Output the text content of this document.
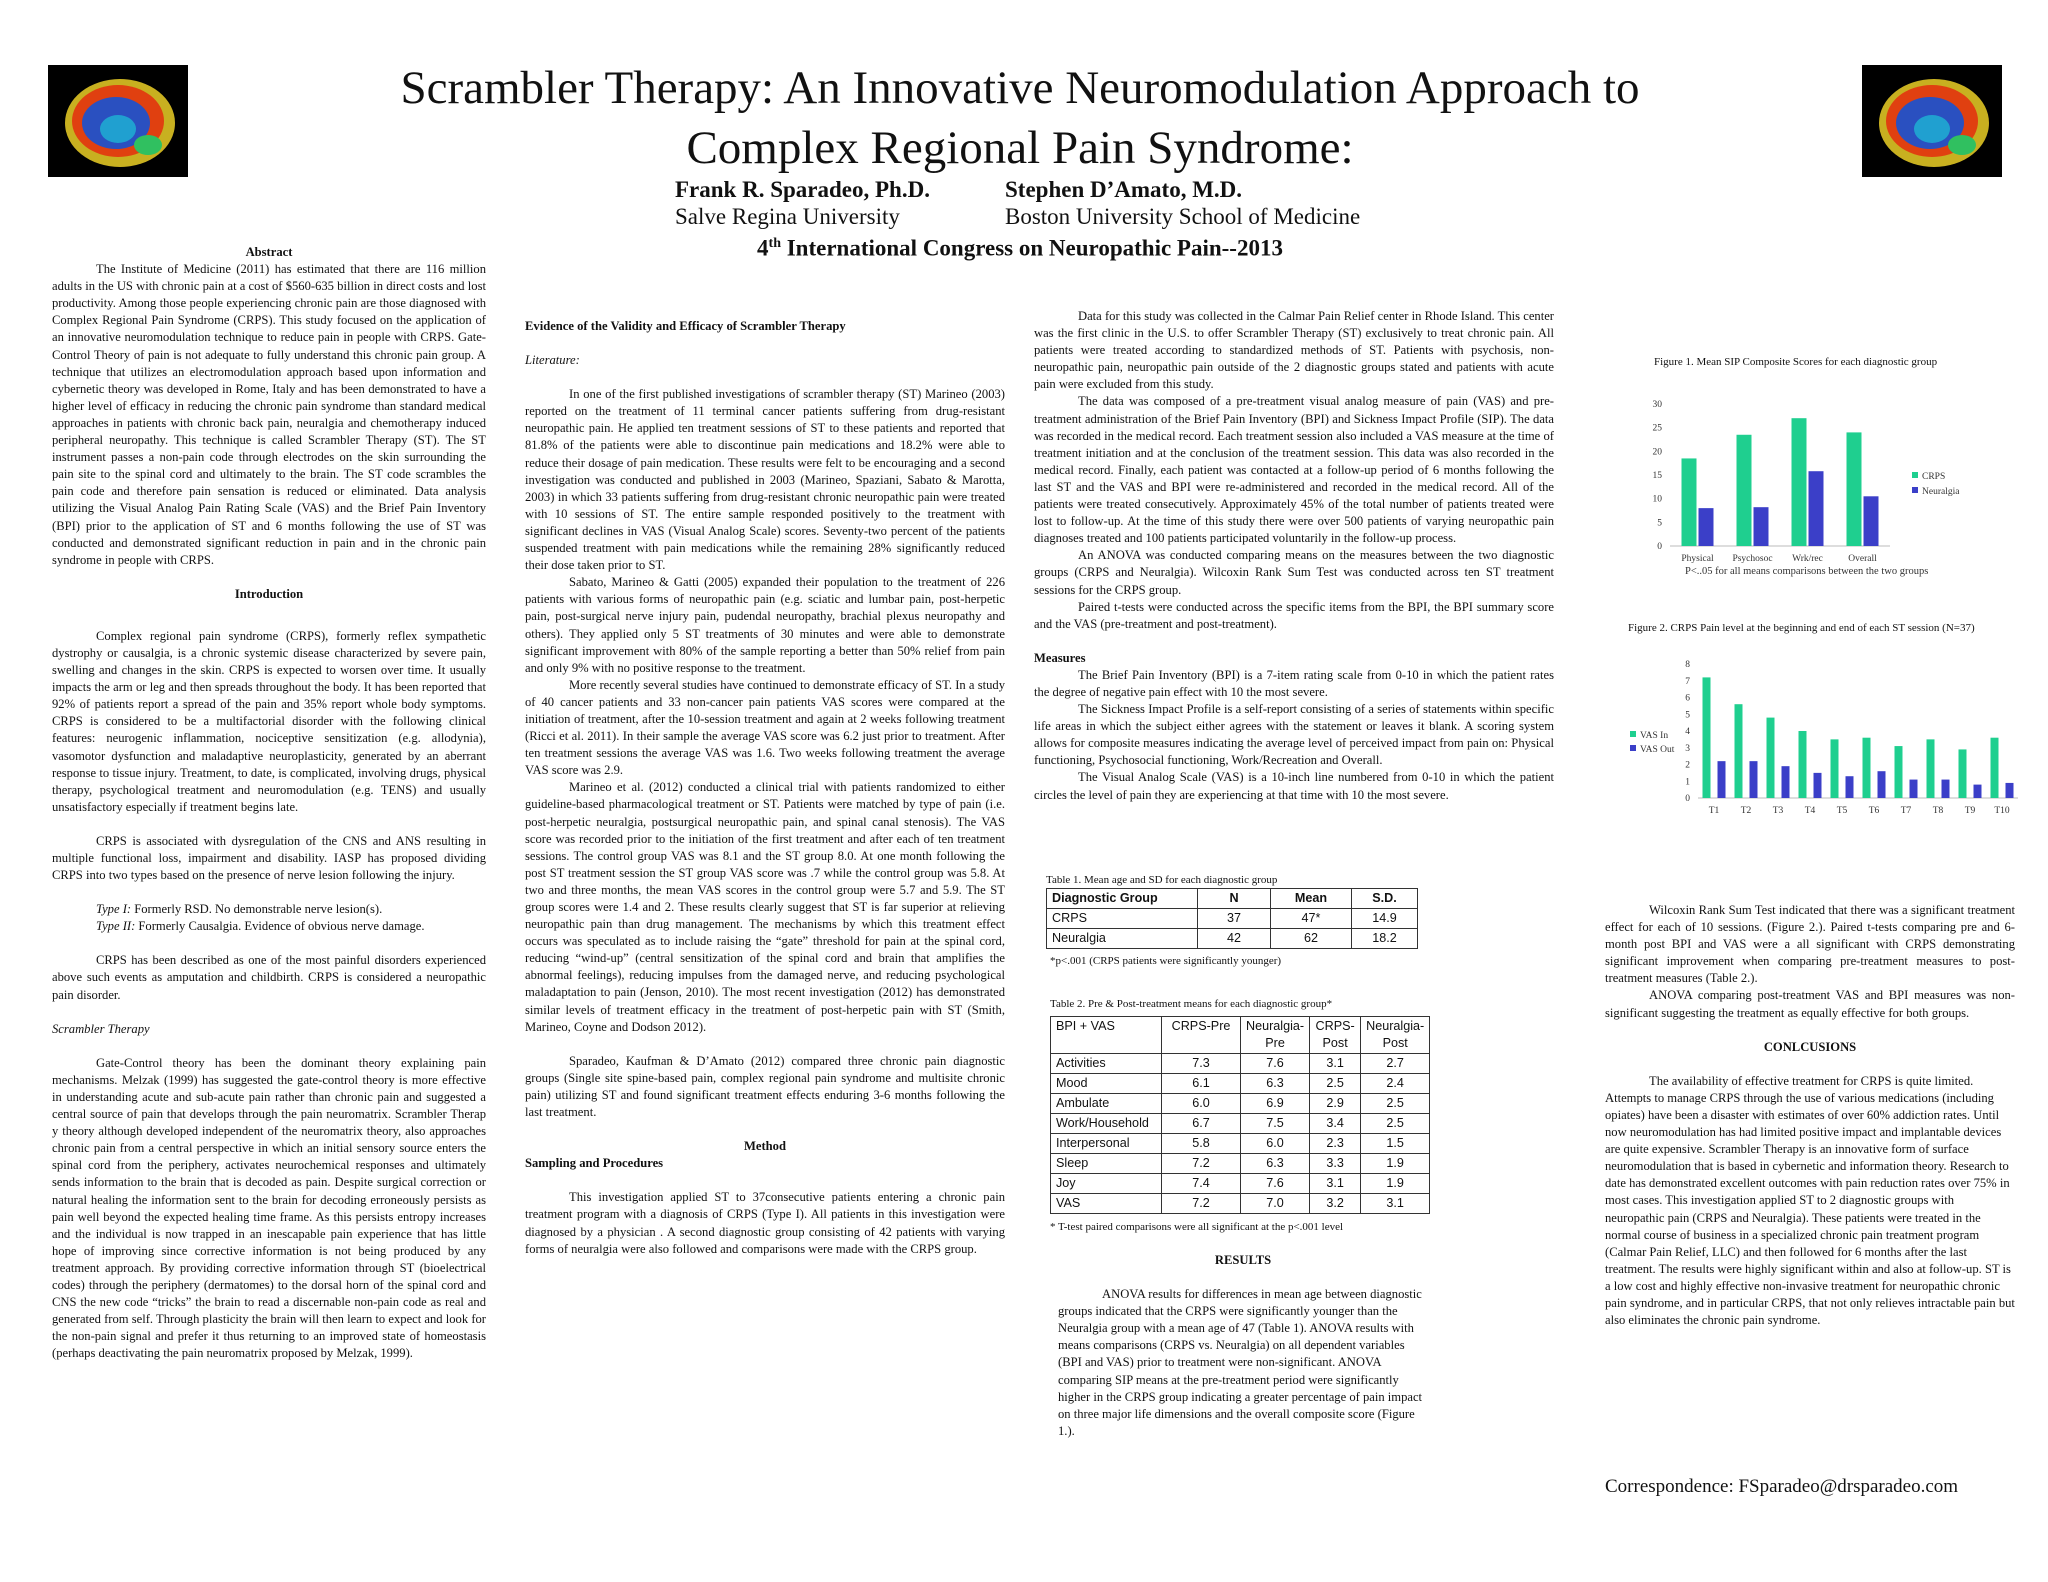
Scrambler Therapy: An Innovative Neuromodulation Approach to
Complex Regional Pain Syndrome:
Frank R. Sparadeo, Ph.D.	Stephen D’Amato, M.D.
Salve Regina University	Boston University School of Medicine
4th International Congress on Neuropathic Pain--2013
Abstract

The Institute of Medicine (2011) has estimated that there are 116 million adults in the US with chronic pain at a cost of $560-635 billion in direct costs and lost productivity. Among those people experiencing chronic pain are those diagnosed with Complex Regional Pain Syndrome (CRPS). This study focused on the application of an innovative neuromodulation technique to reduce pain in people with CRPS. Gate-Control Theory of pain is not adequate to fully understand this chronic pain group. A technique that utilizes an electromodulation approach based upon information and cybernetic theory was developed in Rome, Italy and has been demonstrated to have a higher level of efficacy in reducing the chronic pain syndrome than standard medical approaches in patients with chronic back pain, neuralgia and chemotherapy induced peripheral neuropathy. This technique is called Scrambler Therapy (ST). The ST instrument passes a non-pain code through electrodes on the skin surrounding the pain site to the spinal cord and ultimately to the brain. The ST code scrambles the pain code and therefore pain sensation is reduced or eliminated. Data analysis utilizing the Visual Analog Pain Rating Scale (VAS) and the Brief Pain Inventory (BPI) prior to the application of ST and 6 months following the use of ST was conducted and demonstrated significant reduction in pain and in the chronic pain syndrome in people with CRPS.

Introduction

Complex regional pain syndrome (CRPS), formerly reflex sympathetic dystrophy or causalgia, is a chronic systemic disease characterized by severe pain, swelling and changes in the skin. CRPS is expected to worsen over time. It usually impacts the arm or leg and then spreads throughout the body. It has been reported that 92% of patients report a spread of the pain and 35% report whole body symptoms. CRPS is considered to be a multifactorial disorder with the following clinical features: neurogenic inflammation, nociceptive sensitization (e.g. allodynia), vasomotor dysfunction and maladaptive neuroplasticity, generated by an aberrant response to tissue injury. Treatment, to date, is complicated, involving drugs, physical therapy, psychological treatment and neuromodulation (e.g. TENS) and usually unsatisfactory especially if treatment begins late.

CRPS is associated with dysregulation of the CNS and ANS resulting in multiple functional loss, impairment and disability. IASP has proposed dividing CRPS into two types based on the presence of nerve lesion following the injury.

Type I: Formerly RSD. No demonstrable nerve lesion(s).
Type II: Formerly Causalgia. Evidence of obvious nerve damage.

CRPS has been described as one of the most painful disorders experienced above such events as amputation and childbirth. CRPS is considered a neuropathic pain disorder.

Scrambler Therapy

Gate-Control theory has been the dominant theory explaining pain mechanisms. Melzak (1999) has suggested the gate-control theory is more effective in understanding acute and sub-acute pain rather than chronic pain and suggested a central source of pain that develops through the pain neuromatrix. Scrambler Therap y theory although developed independent of the neuromatrix theory, also approaches chronic pain from a central perspective in which an initial sensory source enters the spinal cord from the periphery, activates neurochemical responses and ultimately sends information to the brain that is decoded as pain. Despite surgical correction or natural healing the information sent to the brain for decoding erroneously persists as pain well beyond the expected healing time frame. As this persists entropy increases and the individual is now trapped in an inescapable pain experience that has little hope of improving since corrective information is not being produced by any treatment approach. By providing corrective information through ST (bioelectrical codes) through the periphery (dermatomes) to the dorsal horn of the spinal cord and CNS the new code “tricks” the brain to read a discernable non-pain code as real and generated from self. Through plasticity the brain will then learn to expect and look for the non-pain signal and prefer it thus returning to an improved state of homeostasis (perhaps deactivating the pain neuromatrix proposed by Melzak, 1999).

Evidence of the Validity and Efficacy of Scrambler Therapy

Literature:

In one of the first published investigations of scrambler therapy (ST) Marineo (2003) reported on the treatment of 11 terminal cancer patients suffering from drug-resistant neuropathic pain. He applied ten treatment sessions of ST to these patients and reported that 81.8% of the patients were able to discontinue pain medications and 18.2% were able to reduce their dosage of pain medication. These results were felt to be encouraging and a second investigation was conducted and published in 2003 (Marineo, Spaziani, Sabato & Marotta, 2003) in which 33 patients suffering from drug-resistant chronic neuropathic pain were treated with 10 sessions of ST. The entire sample responded positively to the treatment with significant declines in VAS (Visual Analog Scale) scores. Seventy-two percent of the patients suspended treatment with pain medications while the remaining 28% significantly reduced their dose taken prior to ST.

Sabato, Marineo & Gatti (2005) expanded their population to the treatment of 226 patients with various forms of neuropathic pain (e.g. sciatic and lumbar pain, post-herpetic pain, post-surgical nerve injury pain, pudendal neuropathy, brachial plexus neuropathy and others). They applied only 5 ST treatments of 30 minutes and were able to demonstrate significant improvement with 80% of the sample reporting a better than 50% relief from pain and only 9% with no positive response to the treatment.

More recently several studies have continued to demonstrate efficacy of ST. In a study of 40 cancer patients and 33 non-cancer pain patients VAS scores were compared at the initiation of treatment, after the 10-session treatment and again at 2 weeks following treatment (Ricci et al. 2011). In their sample the average VAS score was 6.2 just prior to treatment. After ten treatment sessions the average VAS was 1.6. Two weeks following treatment the average VAS score was 2.9.

Marineo et al. (2012) conducted a clinical trial with patients randomized to either guideline-based pharmacological treatment or ST. Patients were matched by type of pain (i.e. post-herpetic neuralgia, postsurgical neuropathic pain, and spinal canal stenosis). The VAS score was recorded prior to the initiation of the first treatment and after each of ten treatment sessions. The control group VAS was 8.1 and the ST group 8.0. At one month following the post ST treatment session the ST group VAS score was .7 while the control group was 5.8. At two and three months, the mean VAS scores in the control group were 5.7 and 5.9. The ST group scores were 1.4 and 2. These results clearly suggest that ST is far superior at relieving neuropathic pain than drug management. The mechanisms by which this treatment effect occurs was speculated as to include raising the “gate” threshold for pain at the spinal cord, reducing “wind-up” (central sensitization of the spinal cord and brain that amplifies the abnormal feelings), reducing impulses from the damaged nerve, and reducing psychological maladaptation to pain (Jenson, 2010). The most recent investigation (2012) has demonstrated similar levels of treatment efficacy in the treatment of post-herpetic pain with ST (Smith, Marineo, Coyne and Dodson 2012).

Sparadeo, Kaufman & D’Amato (2012) compared three chronic pain diagnostic groups (Single site spine-based pain, complex regional pain syndrome and multisite chronic pain) utilizing ST and found significant treatment effects enduring 3-6 months following the last treatment.

Method
Sampling and Procedures

This investigation applied ST to 37consecutive patients entering a chronic pain treatment program with a diagnosis of CRPS (Type I). All patients in this investigation were diagnosed by a physician . A second diagnostic group consisting of 42 patients with varying forms of neuralgia were also followed and comparisons were made with the CRPS group.

Data for this study was collected in the Calmar Pain Relief center in Rhode Island. This center was the first clinic in the U.S. to offer Scrambler Therapy (ST) exclusively to treat chronic pain. All patients were treated according to standardized methods of ST. Patients with psychosis, non-neuropathic pain, neuropathic pain outside of the 2 diagnostic groups stated and patients with acute pain were excluded from this study.

The data was composed of a pre-treatment visual analog measure of pain (VAS) and pre-treatment administration of the Brief Pain Inventory (BPI) and Sickness Impact Profile (SIP). The data was recorded in the medical record. Each treatment session also included a VAS measure at the time of treatment initiation and at the conclusion of the treatment session. This data was also recorded in the medical record. Finally, each patient was contacted at a follow-up period of 6 months following the last ST and the VAS and BPI were re-administered and recorded in the medical record. All of the patients were treated consecutively. Approximately 45% of the total number of patients treated were lost to follow-up. At the time of this study there were over 500 patients of varying neuropathic pain diagnoses treated and 100 patients participated voluntarily in the follow-up process.

An ANOVA was conducted comparing means on the measures between the two diagnostic groups (CRPS and Neuralgia). Wilcoxin Rank Sum Test was conducted across ten ST treatment sessions for the CRPS group.

Paired t-tests were conducted across the specific items from the BPI, the BPI summary score and the VAS (pre-treatment and post-treatment).

Measures

The Brief Pain Inventory (BPI) is a 7-item rating scale from 0-10 in which the patient rates the degree of negative pain effect with 10 the most severe.

The Sickness Impact Profile is a self-report consisting of a series of statements within specific life areas in which the subject either agrees with the statement or leaves it blank. A scoring system allows for composite measures indicating the average level of perceived impact from pain on: Physical functioning, Psychosocial functioning, Work/Recreation and Overall.

The Visual Analog Scale (VAS) is a 10-inch line numbered from 0-10 in which the patient circles the level of pain they are experiencing at that time with 10 the most severe.

Table 1. Mean age and SD for each diagnostic group
Diagnostic Group	N	Mean	S.D.
CRPS	37	47*	14.9
Neuralgia	42	62	18.2
*p<.001 (CRPS patients were significantly younger)
Table 2. Pre & Post-treatment means for each diagnostic group*
BPI + VAS	CRPS-Pre	Neuralgia-Pre	CRPS-Post	Neuralgia-Post
Activities	7.3	7.6	3.1	2.7
Mood	6.1	6.3	2.5	2.4
Ambulate	6.0	6.9	2.9	2.5
Work/Household	6.7	7.5	3.4	2.5
Interpersonal	5.8	6.0	2.3	1.5
Sleep	7.2	6.3	3.3	1.9
Joy	7.4	7.6	3.1	1.9
VAS	7.2	7.0	3.2	3.1
* T-test paired comparisons were all significant at the p<.001 level
RESULTS

ANOVA results for differences in mean age between diagnostic groups indicated that the CRPS were significantly younger than the Neuralgia group with a mean age of 47 (Table 1). ANOVA results with means comparisons (CRPS vs. Neuralgia) on all dependent variables (BPI and VAS) prior to treatment were non-significant. ANOVA comparing SIP means at the pre-treatment period were significantly higher in the CRPS group indicating a greater percentage of pain impact on three major life dimensions and the overall composite score (Figure 1.).

Figure 1. Mean SIP Composite Scores for each diagnostic group
0
5
10
15
20
25
30
Physical Psychosoc Wrk/rec	Overall
CRPS
Neuralgia
P<..05 for all means comparisons between the two groups
Figure 2. CRPS Pain level at the beginning and end of each ST session (N=37)
0
1
2
3
4
5
6
7
8
T1 T2 T3 T4 T5 T6 T7 T8 T9 T10
VAS In
VAS Out

Wilcoxin Rank Sum Test indicated that there was a significant treatment effect for each of 10 sessions. (Figure 2.). Paired t-tests comparing pre and 6-month post BPI and VAS were a all significant with CRPS demonstrating significant improvement when comparing pre-treatment measures to post-treatment measures (Table 2.).

ANOVA comparing post-treatment VAS and BPI measures was non-significant suggesting the treatment as equally effective for both groups.

CONLCUSIONS

The availability of effective treatment for CRPS is quite limited. Attempts to manage CRPS through the use of various medications (including opiates) have been a disaster with estimates of over 60% addiction rates. Until now neuromodulation has had limited positive impact and implantable devices are quite expensive. Scrambler Therapy is an innovative form of surface neuromodulation that is based in cybernetic and information theory. Research to date has demonstrated excellent outcomes with pain reduction rates over 75% in most cases. This investigation applied ST to 2 diagnostic groups with neuropathic pain (CRPS and Neuralgia). These patients were treated in the normal course of business in a specialized chronic pain treatment program (Calmar Pain Relief, LLC) and then followed for 6 months after the last treatment. The results were highly significant within and also at follow-up. ST is a low cost and highly effective non-invasive treatment for neuropathic chronic pain syndrome, and in particular CRPS, that not only relieves intractable pain but also eliminates the chronic pain syndrome.

Correspondence: FSparadeo@drsparadeo.com
